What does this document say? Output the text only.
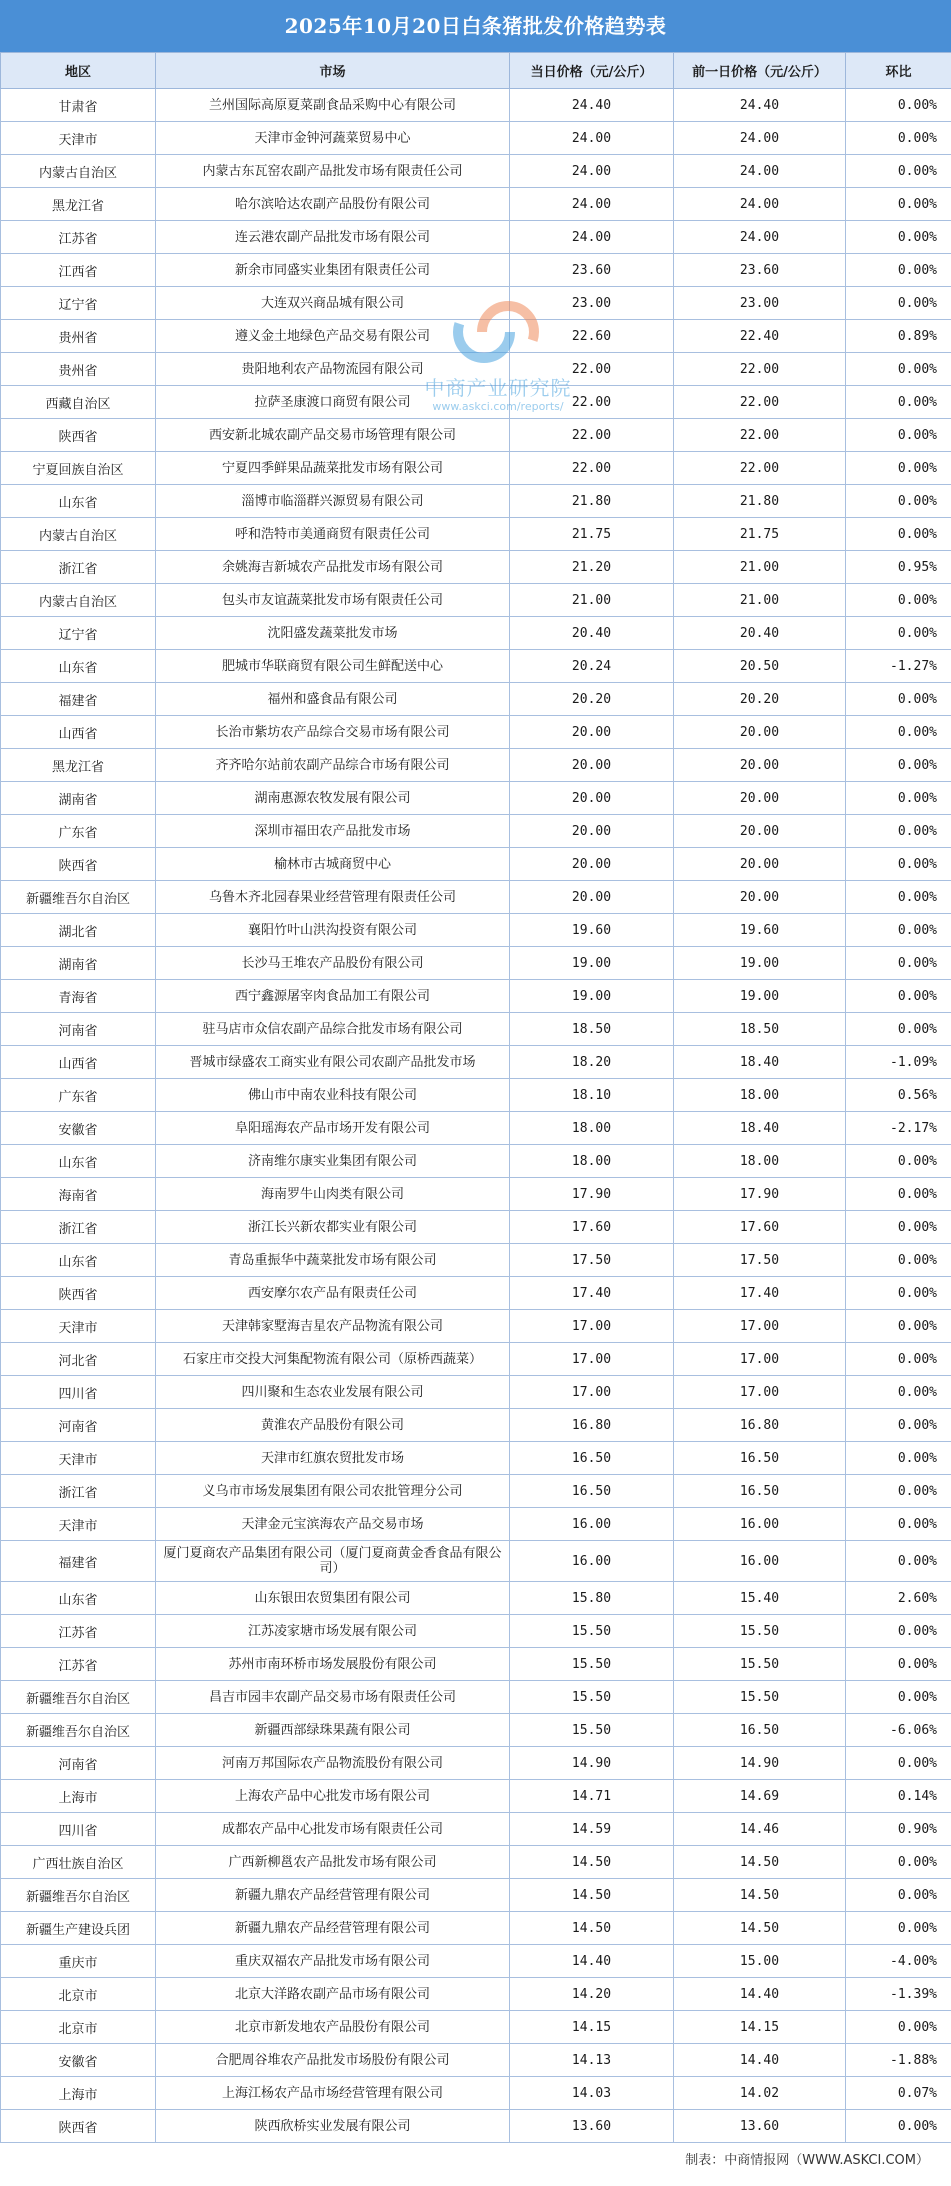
2025年10月20日白条猪批发价格趋势表
地区	市场	当日价格（元/公斤）	前一日价格（元/公斤）	环比
甘肃省	兰州国际高原夏菜副食品采购中心有限公司	24.40	24.40	0.00%
天津市	天津市金钟河蔬菜贸易中心	24.00	24.00	0.00%
内蒙古自治区	内蒙古东瓦窑农副产品批发市场有限责任公司	24.00	24.00	0.00%
黑龙江省	哈尔滨哈达农副产品股份有限公司	24.00	24.00	0.00%
江苏省	连云港农副产品批发市场有限公司	24.00	24.00	0.00%
江西省	新余市同盛实业集团有限责任公司	23.60	23.60	0.00%
辽宁省	大连双兴商品城有限公司	23.00	23.00	0.00%
贵州省	遵义金土地绿色产品交易有限公司	22.60	22.40	0.89%
贵州省	贵阳地利农产品物流园有限公司	22.00	22.00	0.00%
西藏自治区	拉萨圣康渡口商贸有限公司	22.00	22.00	0.00%
陕西省	西安新北城农副产品交易市场管理有限公司	22.00	22.00	0.00%
宁夏回族自治区	宁夏四季鲜果品蔬菜批发市场有限公司	22.00	22.00	0.00%
山东省	淄博市临淄群兴源贸易有限公司	21.80	21.80	0.00%
内蒙古自治区	呼和浩特市美通商贸有限责任公司	21.75	21.75	0.00%
浙江省	余姚海吉新城农产品批发市场有限公司	21.20	21.00	0.95%
内蒙古自治区	包头市友谊蔬菜批发市场有限责任公司	21.00	21.00	0.00%
辽宁省	沈阳盛发蔬菜批发市场	20.40	20.40	0.00%
山东省	肥城市华联商贸有限公司生鲜配送中心	20.24	20.50	-1.27%
福建省	福州和盛食品有限公司	20.20	20.20	0.00%
山西省	长治市紫坊农产品综合交易市场有限公司	20.00	20.00	0.00%
黑龙江省	齐齐哈尔站前农副产品综合市场有限公司	20.00	20.00	0.00%
湖南省	湖南惠源农牧发展有限公司	20.00	20.00	0.00%
广东省	深圳市福田农产品批发市场	20.00	20.00	0.00%
陕西省	榆林市古城商贸中心	20.00	20.00	0.00%
新疆维吾尔自治区	乌鲁木齐北园春果业经营管理有限责任公司	20.00	20.00	0.00%
湖北省	襄阳竹叶山洪沟投资有限公司	19.60	19.60	0.00%
湖南省	长沙马王堆农产品股份有限公司	19.00	19.00	0.00%
青海省	西宁鑫源屠宰肉食品加工有限公司	19.00	19.00	0.00%
河南省	驻马店市众信农副产品综合批发市场有限公司	18.50	18.50	0.00%
山西省	晋城市绿盛农工商实业有限公司农副产品批发市场	18.20	18.40	-1.09%
广东省	佛山市中南农业科技有限公司	18.10	18.00	0.56%
安徽省	阜阳瑶海农产品市场开发有限公司	18.00	18.40	-2.17%
山东省	济南维尔康实业集团有限公司	18.00	18.00	0.00%
海南省	海南罗牛山肉类有限公司	17.90	17.90	0.00%
浙江省	浙江长兴新农都实业有限公司	17.60	17.60	0.00%
山东省	青岛重振华中蔬菜批发市场有限公司	17.50	17.50	0.00%
陕西省	西安摩尔农产品有限责任公司	17.40	17.40	0.00%
天津市	天津韩家墅海吉星农产品物流有限公司	17.00	17.00	0.00%
河北省	石家庄市交投大河集配物流有限公司（原桥西蔬菜）	17.00	17.00	0.00%
四川省	四川聚和生态农业发展有限公司	17.00	17.00	0.00%
河南省	黄淮农产品股份有限公司	16.80	16.80	0.00%
天津市	天津市红旗农贸批发市场	16.50	16.50	0.00%
浙江省	义乌市市场发展集团有限公司农批管理分公司	16.50	16.50	0.00%
天津市	天津金元宝滨海农产品交易市场	16.00	16.00	0.00%
福建省	厦门夏商农产品集团有限公司（厦门夏商黄金香食品有限公司）	16.00	16.00	0.00%
山东省	山东银田农贸集团有限公司	15.80	15.40	2.60%
江苏省	江苏凌家塘市场发展有限公司	15.50	15.50	0.00%
江苏省	苏州市南环桥市场发展股份有限公司	15.50	15.50	0.00%
新疆维吾尔自治区	昌吉市园丰农副产品交易市场有限责任公司	15.50	15.50	0.00%
新疆维吾尔自治区	新疆西部绿珠果蔬有限公司	15.50	16.50	-6.06%
河南省	河南万邦国际农产品物流股份有限公司	14.90	14.90	0.00%
上海市	上海农产品中心批发市场有限公司	14.71	14.69	0.14%
四川省	成都农产品中心批发市场有限责任公司	14.59	14.46	0.90%
广西壮族自治区	广西新柳邕农产品批发市场有限公司	14.50	14.50	0.00%
新疆维吾尔自治区	新疆九鼎农产品经营管理有限公司	14.50	14.50	0.00%
新疆生产建设兵团	新疆九鼎农产品经营管理有限公司	14.50	14.50	0.00%
重庆市	重庆双福农产品批发市场有限公司	14.40	15.00	-4.00%
北京市	北京大洋路农副产品市场有限公司	14.20	14.40	-1.39%
北京市	北京市新发地农产品股份有限公司	14.15	14.15	0.00%
安徽省	合肥周谷堆农产品批发市场股份有限公司	14.13	14.40	-1.88%
上海市	上海江杨农产品市场经营管理有限公司	14.03	14.02	0.07%
陕西省	陕西欣桥实业发展有限公司	13.60	13.60	0.00%
制表：中商情报网（WWW.ASKCI.COM）
中商产业研究院
www.askci.com/reports/
